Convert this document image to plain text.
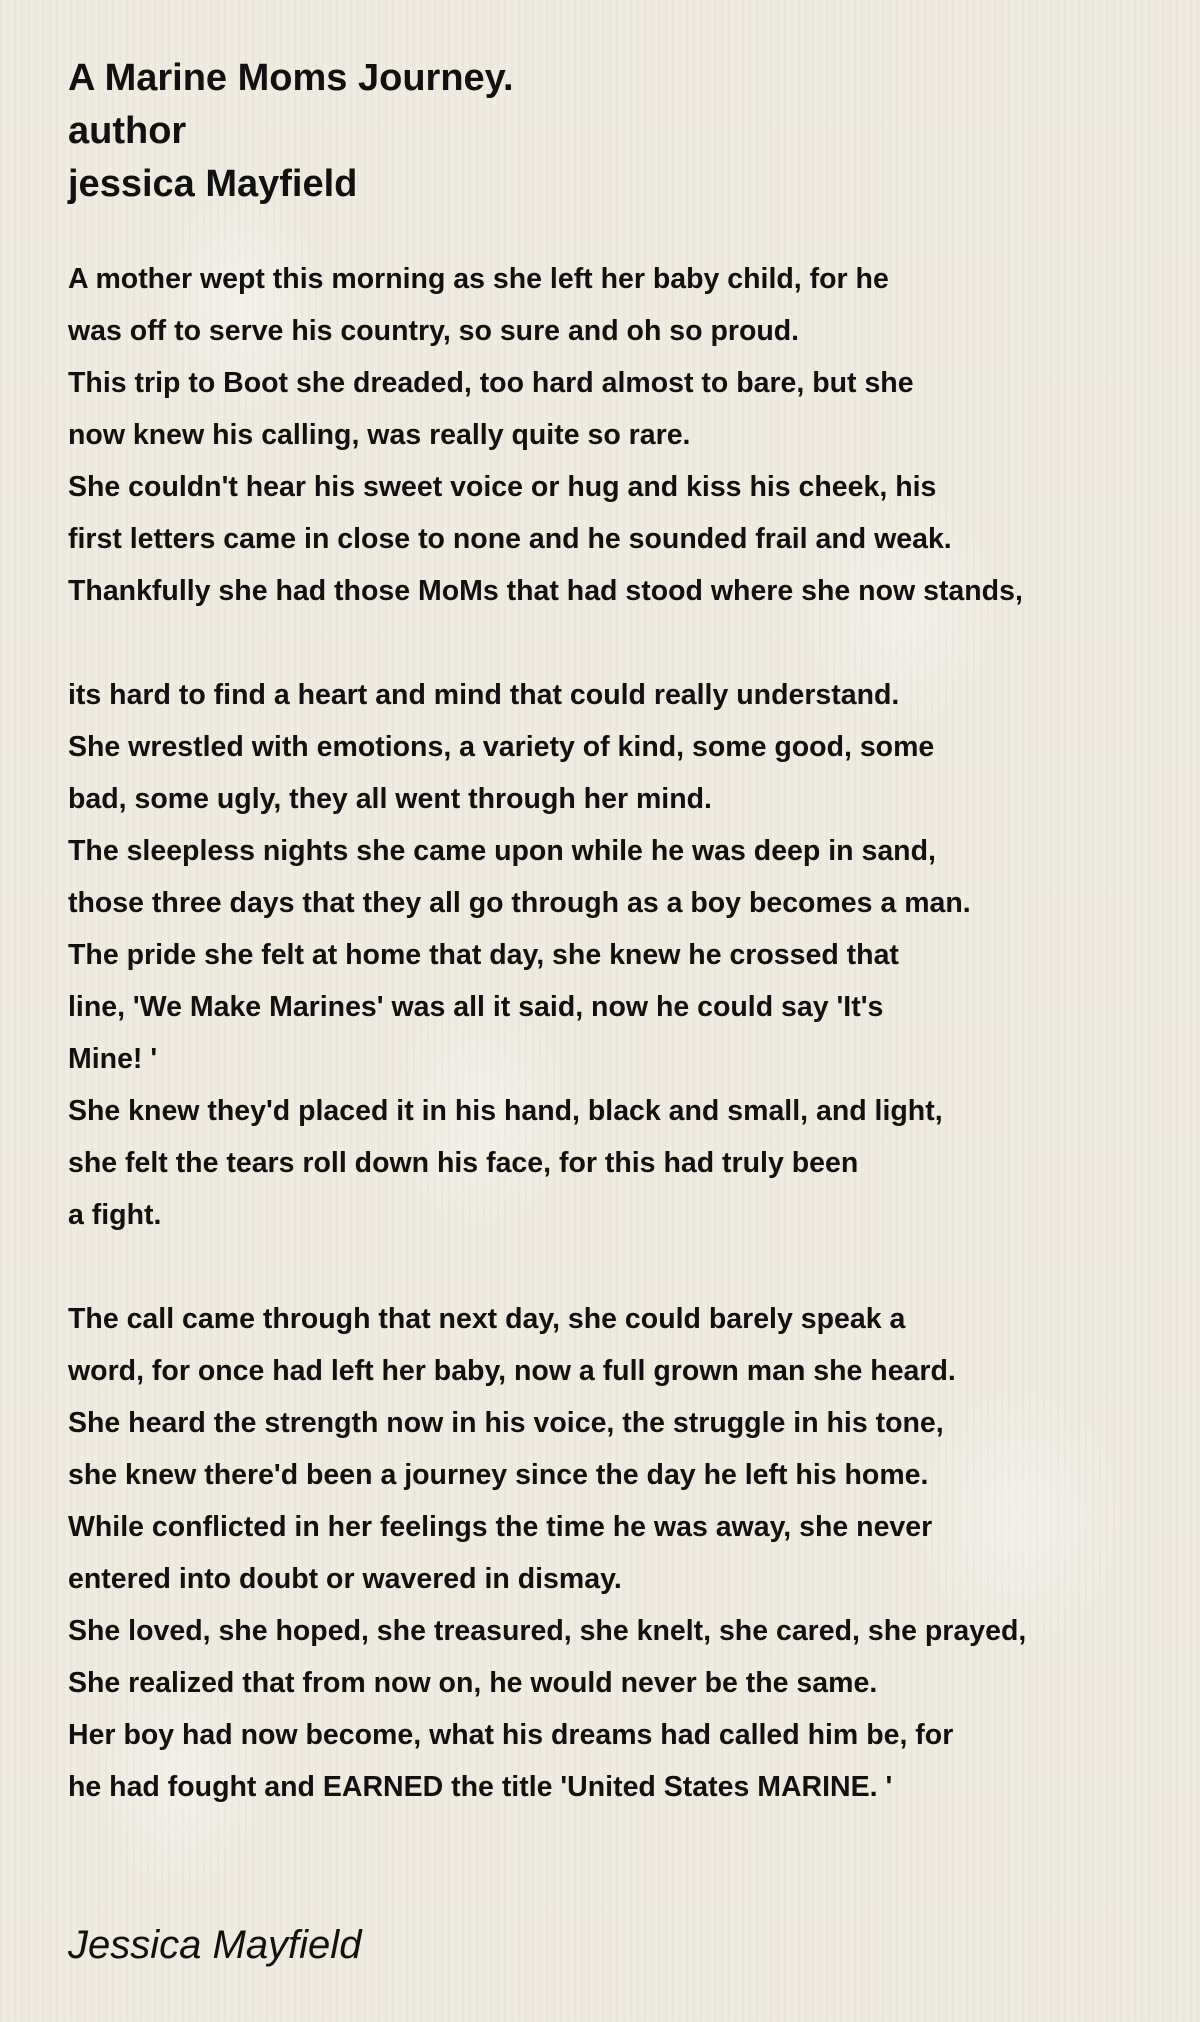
A Marine Moms Journey.
author
jessica Mayfield
A mother wept this morning as she left her baby child, for he
was off to serve his country, so sure and oh so proud.
This trip to Boot she dreaded, too hard almost to bare, but she
now knew his calling, was really quite so rare.
She couldn't hear his sweet voice or hug and kiss his cheek, his
first letters came in close to none and he sounded frail and weak.
Thankfully she had those MoMs that had stood where she now stands,
its hard to find a heart and mind that could really understand.
She wrestled with emotions, a variety of kind, some good, some
bad, some ugly, they all went through her mind.
The sleepless nights she came upon while he was deep in sand,
those three days that they all go through as a boy becomes a man.
The pride she felt at home that day, she knew he crossed that
line, 'We Make Marines' was all it said, now he could say 'It's
Mine! '
She knew they'd placed it in his hand, black and small, and light,
she felt the tears roll down his face, for this had truly been
a fight.
The call came through that next day, she could barely speak a
word, for once had left her baby, now a full grown man she heard.
She heard the strength now in his voice, the struggle in his tone,
she knew there'd been a journey since the day he left his home.
While conflicted in her feelings the time he was away, she never
entered into doubt or wavered in dismay.
She loved, she hoped, she treasured, she knelt, she cared, she prayed,
She realized that from now on, he would never be the same.
Her boy had now become, what his dreams had called him be, for
he had fought and EARNED the title 'United States MARINE. '
Jessica Mayfield
